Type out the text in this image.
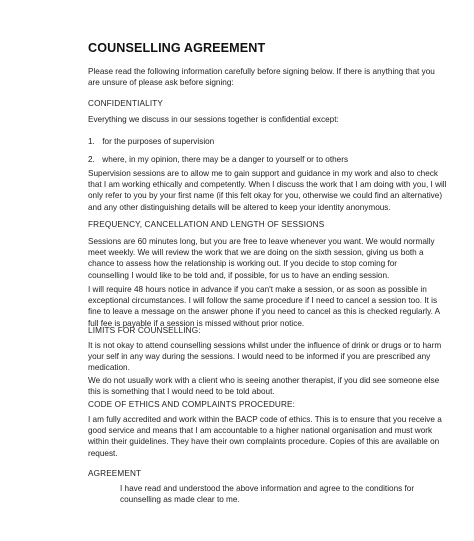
COUNSELLING AGREEMENT
Please read the following information carefully before signing below. If there is anything that you
are unsure of please ask before signing:
CONFIDENTIALITY
Everything we discuss in our sessions together is confidential except:
1. for the purposes of supervision
2. where, in my opinion, there may be a danger to yourself or to others
Supervision sessions are to allow me to gain support and guidance in my work and also to check
that I am working ethically and competently. When I discuss the work that I am doing with you, I will
only refer to you by your first name (if this felt okay for you, otherwise we could find an alternative)
and any other distinguishing details will be altered to keep your identity anonymous.
FREQUENCY, CANCELLATION AND LENGTH OF SESSIONS
Sessions are 60 minutes long, but you are free to leave whenever you want. We would normally
meet weekly. We will review the work that we are doing on the sixth session, giving us both a
chance to assess how the relationship is working out. If you decide to stop coming for
counselling I would like to be told and, if possible, for us to have an ending session.
I will require 48 hours notice in advance if you can't make a session, or as soon as possible in
exceptional circumstances. I will follow the same procedure if I need to cancel a session too. It is
fine to leave a message on the answer phone if you need to cancel as this is checked regularly. A
full fee is payable if a session is missed without prior notice.
LIMITS FOR COUNSELLING:
It is not okay to attend counselling sessions whilst under the influence of drink or drugs or to harm
your self in any way during the sessions. I would need to be informed if you are prescribed any
medication.
We do not usually work with a client who is seeing another therapist, if you did see someone else
this is something that I would need to be told about.
CODE OF ETHICS AND COMPLAINTS PROCEDURE:
I am fully accredited and work within the BACP code of ethics. This is to ensure that you receive a
good service and means that I am accountable to a higher national organisation and must work
within their guidelines. They have their own complaints procedure. Copies of this are available on
request.
AGREEMENT
I have read and understood the above information and agree to the conditions for
counselling as made clear to me.
